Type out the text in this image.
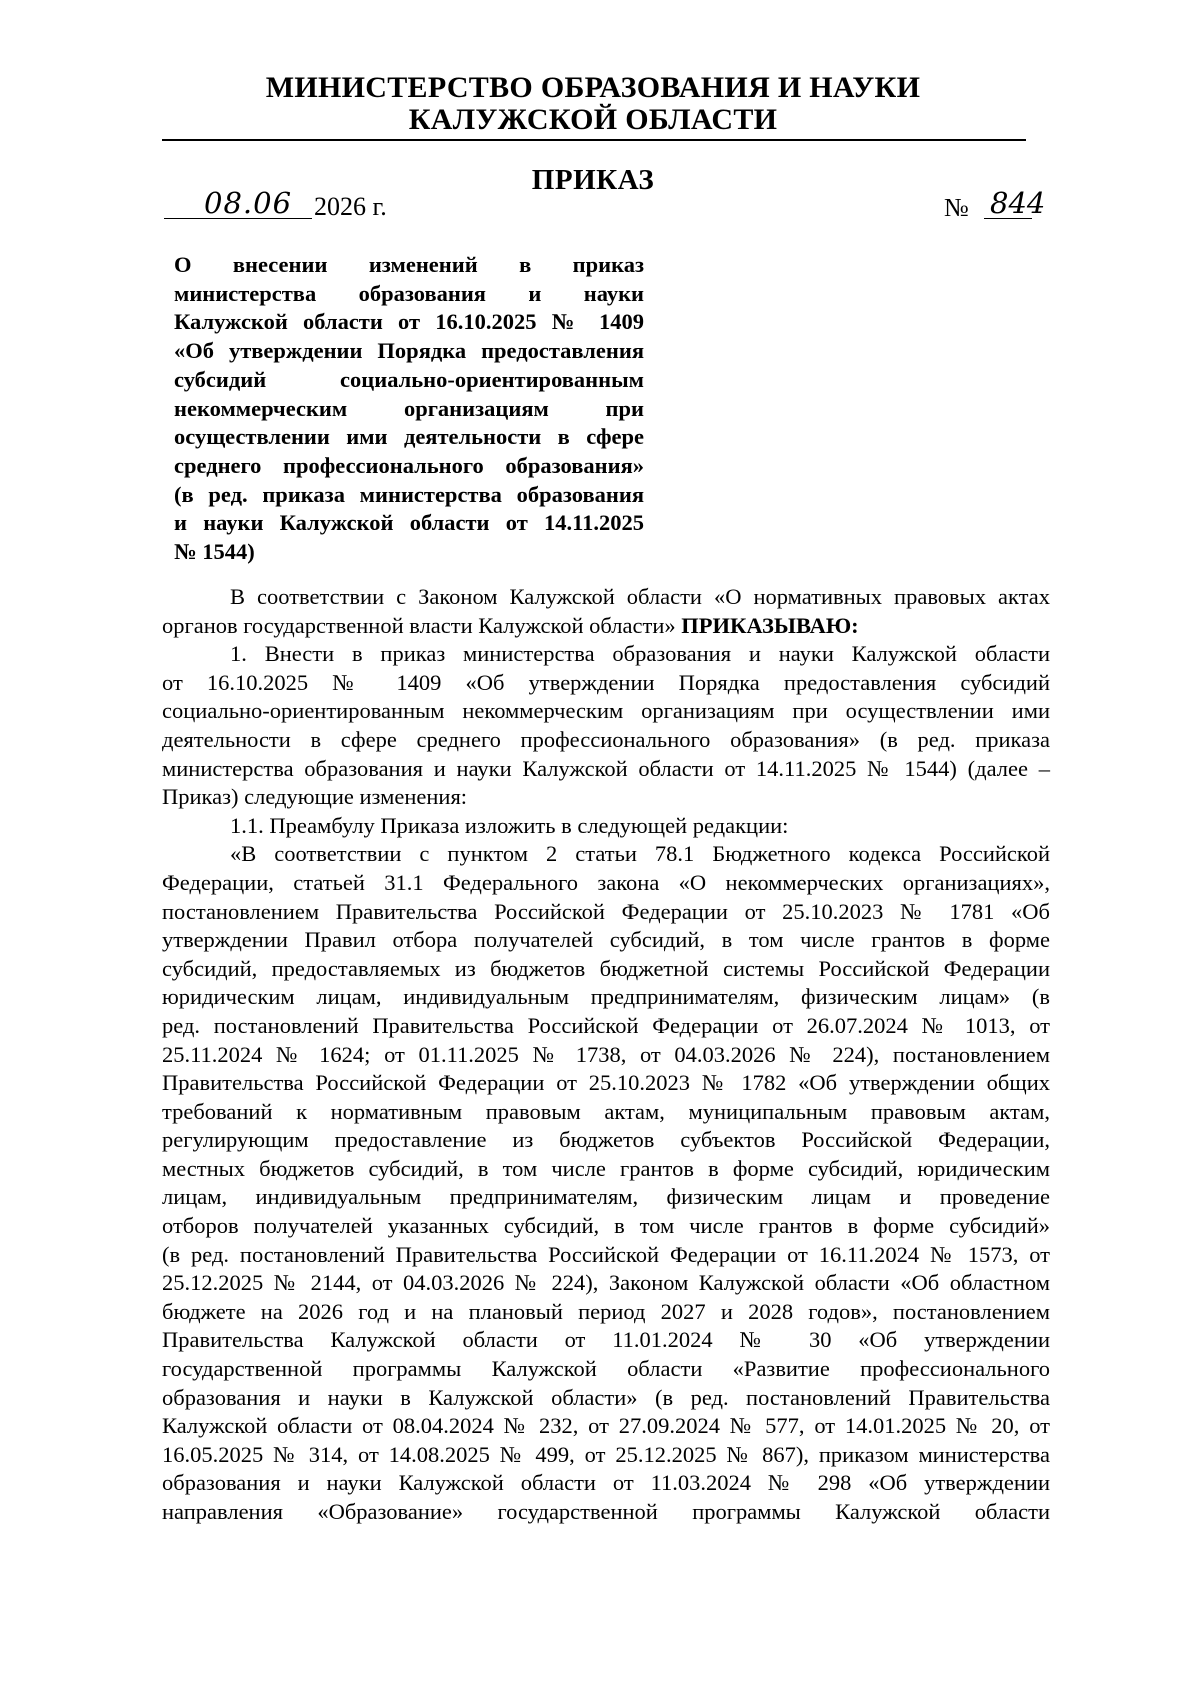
МИНИСТЕРСТВО ОБРАЗОВАНИЯ И НАУКИ
КАЛУЖСКОЙ ОБЛАСТИ
ПРИКАЗ
08.06 2026 г.	№ 844
О внесении изменений в приказ
министерства образования и науки
Калужской области от 16.10.2025 № 1409
«Об утверждении Порядка предоставления
субсидий социально-ориентированным
некоммерческим организациям при
осуществлении ими деятельности в сфере
среднего профессионального образования»
(в ред. приказа министерства образования
и науки Калужской области от 14.11.2025
№ 1544)
В соответствии с Законом Калужской области «О нормативных правовых актах
органов государственной власти Калужской области» ПРИКАЗЫВАЮ:
1. Внести в приказ министерства образования и науки Калужской области
от 16.10.2025 № 1409 «Об утверждении Порядка предоставления субсидий
социально-ориентированным некоммерческим организациям при осуществлении ими
деятельности в сфере среднего профессионального образования» (в ред. приказа
министерства образования и науки Калужской области от 14.11.2025 № 1544) (далее –
Приказ) следующие изменения:
1.1. Преамбулу Приказа изложить в следующей редакции:
«В соответствии с пунктом 2 статьи 78.1 Бюджетного кодекса Российской
Федерации, статьей 31.1 Федерального закона «О некоммерческих организациях»,
постановлением Правительства Российской Федерации от 25.10.2023 № 1781 «Об
утверждении Правил отбора получателей субсидий, в том числе грантов в форме
субсидий, предоставляемых из бюджетов бюджетной системы Российской Федерации
юридическим лицам, индивидуальным предпринимателям, физическим лицам» (в
ред. постановлений Правительства Российской Федерации от 26.07.2024 № 1013, от
25.11.2024 № 1624; от 01.11.2025 № 1738, от 04.03.2026 № 224), постановлением
Правительства Российской Федерации от 25.10.2023 № 1782 «Об утверждении общих
требований к нормативным правовым актам, муниципальным правовым актам,
регулирующим предоставление из бюджетов субъектов Российской Федерации,
местных бюджетов субсидий, в том числе грантов в форме субсидий, юридическим
лицам, индивидуальным предпринимателям, физическим лицам и проведение
отборов получателей указанных субсидий, в том числе грантов в форме субсидий»
(в ред. постановлений Правительства Российской Федерации от 16.11.2024 № 1573, от
25.12.2025 № 2144, от 04.03.2026 № 224), Законом Калужской области «Об областном
бюджете на 2026 год и на плановый период 2027 и 2028 годов», постановлением
Правительства Калужской области от 11.01.2024 № 30 «Об утверждении
государственной программы Калужской области «Развитие профессионального
образования и науки в Калужской области» (в ред. постановлений Правительства
Калужской области от 08.04.2024 № 232, от 27.09.2024 № 577, от 14.01.2025 № 20, от
16.05.2025 № 314, от 14.08.2025 № 499, от 25.12.2025 № 867), приказом министерства
образования и науки Калужской области от 11.03.2024 № 298 «Об утверждении
направления «Образование» государственной программы Калужской области
